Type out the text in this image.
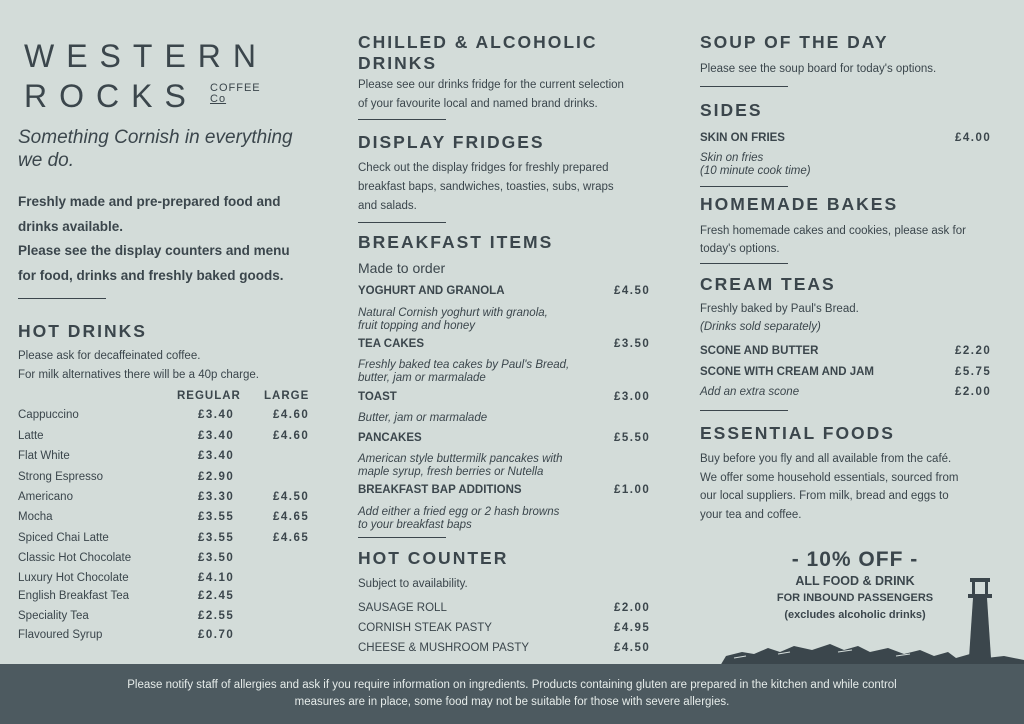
WESTERN
ROCKS	COFFEE
Co
Something Cornish in everything we do.
Freshly made and pre-prepared food and
drinks available.
Please see the display counters and menu
for food, drinks and freshly baked goods.
HOT DRINKS
Please ask for decaffeinated coffee.
For milk alternatives there will be a 40p charge.
REGULAR LARGE
Cappuccino	£3.40	£4.60
Latte	£3.40	£4.60
Flat White	£3.40
Strong Espresso	£2.90
Americano	£3.30	£4.50
Mocha	£3.55	£4.65
Spiced Chai Latte	£3.55	£4.65
Classic Hot Chocolate	£3.50
Luxury Hot Chocolate	£4.10
English Breakfast Tea	£2.45
Speciality Tea	£2.55
Flavoured Syrup	£0.70
CHILLED & ALCOHOLIC
DRINKS
Please see our drinks fridge for the current selection
of your favourite local and named brand drinks.
DISPLAY FRIDGES
Check out the display fridges for freshly prepared
breakfast baps, sandwiches, toasties, subs, wraps
and salads.
BREAKFAST ITEMS
Made to order
YOGHURT AND GRANOLA	£4.50
Natural Cornish yoghurt with granola,
fruit topping and honey
TEA CAKES	£3.50
Freshly baked tea cakes by Paul's Bread,
butter, jam or marmalade
TOAST	£3.00
Butter, jam or marmalade
PANCAKES	£5.50
American style buttermilk pancakes with
maple syrup, fresh berries or Nutella
BREAKFAST BAP ADDITIONS	£1.00
Add either a fried egg or 2 hash browns
to your breakfast baps
HOT COUNTER
Subject to availability.
SAUSAGE ROLL	£2.00
CORNISH STEAK PASTY	£4.95
CHEESE & MUSHROOM PASTY	£4.50
SOUP OF THE DAY
Please see the soup board for today's options.
SIDES
SKIN ON FRIES	£4.00
Skin on fries
(10 minute cook time)
HOMEMADE BAKES
Fresh homemade cakes and cookies, please ask for
today's options.
CREAM TEAS
Freshly baked by Paul's Bread.
(Drinks sold separately)
SCONE AND BUTTER	£2.20
SCONE WITH CREAM AND JAM	£5.75
Add an extra scone	£2.00
ESSENTIAL FOODS
Buy before you fly and all available from the café.
We offer some household essentials, sourced from
our local suppliers. From milk, bread and eggs to
your tea and coffee.
- 10% OFF -
ALL FOOD & DRINK
FOR INBOUND PASSENGERS
(excludes alcoholic drinks)
Please notify staff of allergies and ask if you require information on ingredients. Products containing gluten are prepared in the kitchen and while control
measures are in place, some food may not be suitable for those with severe allergies.
